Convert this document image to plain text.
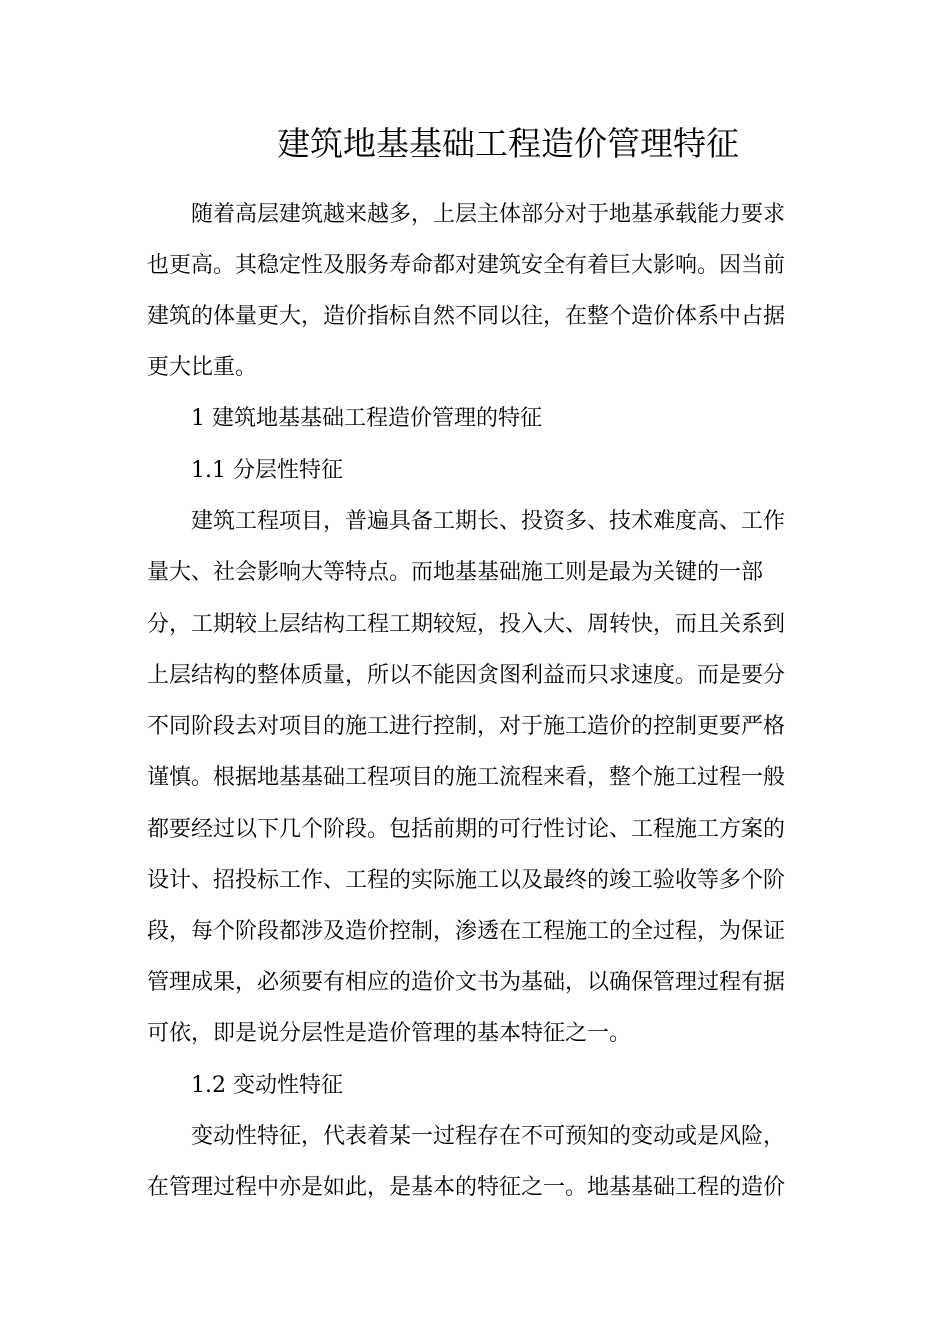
建筑地基基础工程造价管理特征
随着高层建筑越来越多，上层主体部分对于地基承载能力要求
也更高。其稳定性及服务寿命都对建筑安全有着巨大影响。因当前
建筑的体量更大，造价指标自然不同以往，在整个造价体系中占据
更大比重。
1 建筑地基基础工程造价管理的特征
1.1 分层性特征
建筑工程项目，普遍具备工期长、投资多、技术难度高、工作
量大、社会影响大等特点。而地基基础施工则是最为关键的一部
分，工期较上层结构工程工期较短，投入大、周转快，而且关系到
上层结构的整体质量，所以不能因贪图利益而只求速度。而是要分
不同阶段去对项目的施工进行控制，对于施工造价的控制更要严格
谨慎。根据地基基础工程项目的施工流程来看，整个施工过程一般
都要经过以下几个阶段。包括前期的可行性讨论、工程施工方案的
设计、招投标工作、工程的实际施工以及最终的竣工验收等多个阶
段，每个阶段都涉及造价控制，渗透在工程施工的全过程，为保证
管理成果，必须要有相应的造价文书为基础，以确保管理过程有据
可依，即是说分层性是造价管理的基本特征之一。
1.2 变动性特征
变动性特征，代表着某一过程存在不可预知的变动或是风险，
在管理过程中亦是如此，是基本的特征之一。地基基础工程的造价
